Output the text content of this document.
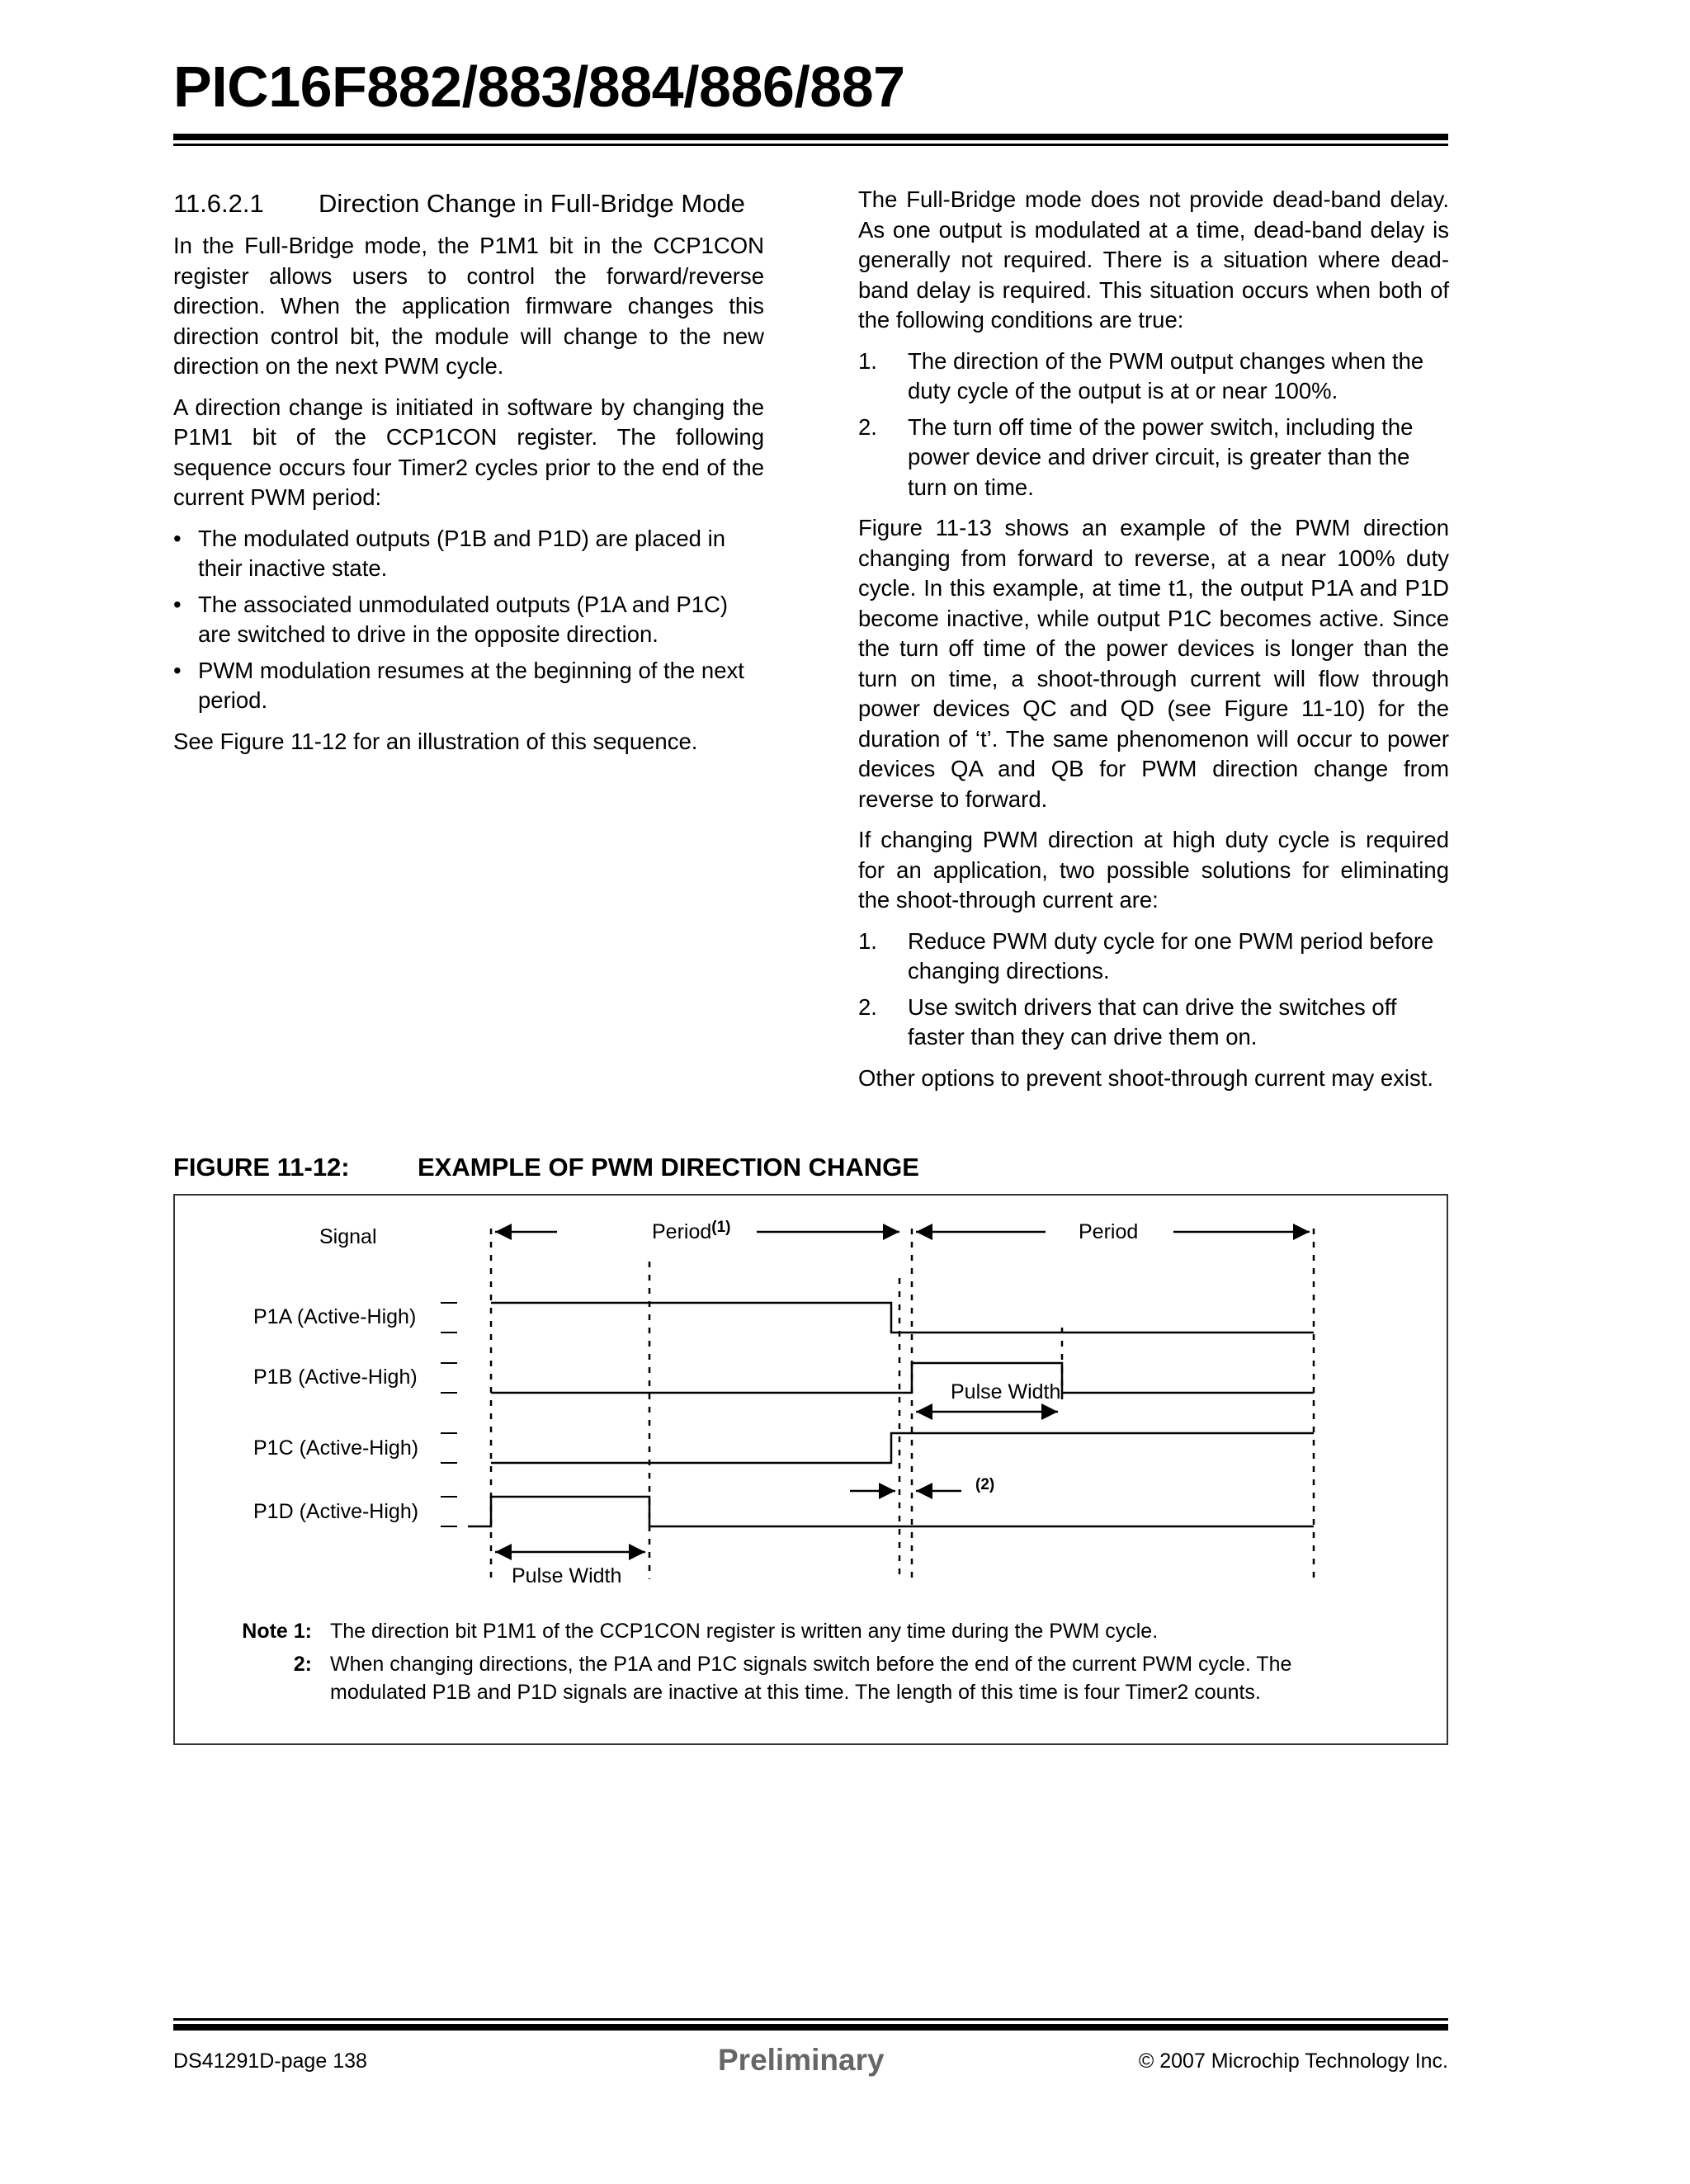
PIC16F882/883/884/886/887
11.6.2.1	Direction Change in Full-Bridge Mode

In the Full-Bridge mode, the P1M1 bit in the CCP1CON register allows users to control the forward/reverse direction. When the application firmware changes this direction control bit, the module will change to the new direction on the next PWM cycle.

A direction change is initiated in software by changing the P1M1 bit of the CCP1CON register. The following sequence occurs four Timer2 cycles prior to the end of the current PWM period:

• The modulated outputs (P1B and P1D) are placed in their inactive state.
• The associated unmodulated outputs (P1A and P1C) are switched to drive in the opposite direction.
• PWM modulation resumes at the beginning of the next period.

See Figure 11-12 for an illustration of this sequence.

The Full-Bridge mode does not provide dead-band delay. As one output is modulated at a time, dead-band delay is generally not required. There is a situation where dead-band delay is required. This situation occurs when both of the following conditions are true:

1. The direction of the PWM output changes when the duty cycle of the output is at or near 100%.
2. The turn off time of the power switch, including the power device and driver circuit, is greater than the turn on time.

Figure 11-13 shows an example of the PWM direction changing from forward to reverse, at a near 100% duty cycle. In this example, at time t1, the output P1A and P1D become inactive, while output P1C becomes active. Since the turn off time of the power devices is longer than the turn on time, a shoot-through current will flow through power devices QC and QD (see Figure 11-10) for the duration of ‘t’. The same phenomenon will occur to power devices QA and QB for PWM direction change from reverse to forward.

If changing PWM direction at high duty cycle is required for an application, two possible solutions for eliminating the shoot-through current are:

1. Reduce PWM duty cycle for one PWM period before changing directions.
2. Use switch drivers that can drive the switches off faster than they can drive them on.

Other options to prevent shoot-through current may exist.

FIGURE 11-12:	EXAMPLE OF PWM DIRECTION CHANGE
Signal	Period$^{(1)}$	Period
P1A (Active-High)
P1B (Active-High)
P1C (Active-High)
P1D (Active-High)
Pulse Width
(2)
Pulse Width
Note 1: The direction bit P1M1 of the CCP1CON register is written any time during the PWM cycle.
2: When changing directions, the P1A and P1C signals switch before the end of the current PWM cycle. The modulated P1B and P1D signals are inactive at this time. The length of this time is four Timer2 counts.
DS41291D-page 138	Preliminary	© 2007 Microchip Technology Inc.
